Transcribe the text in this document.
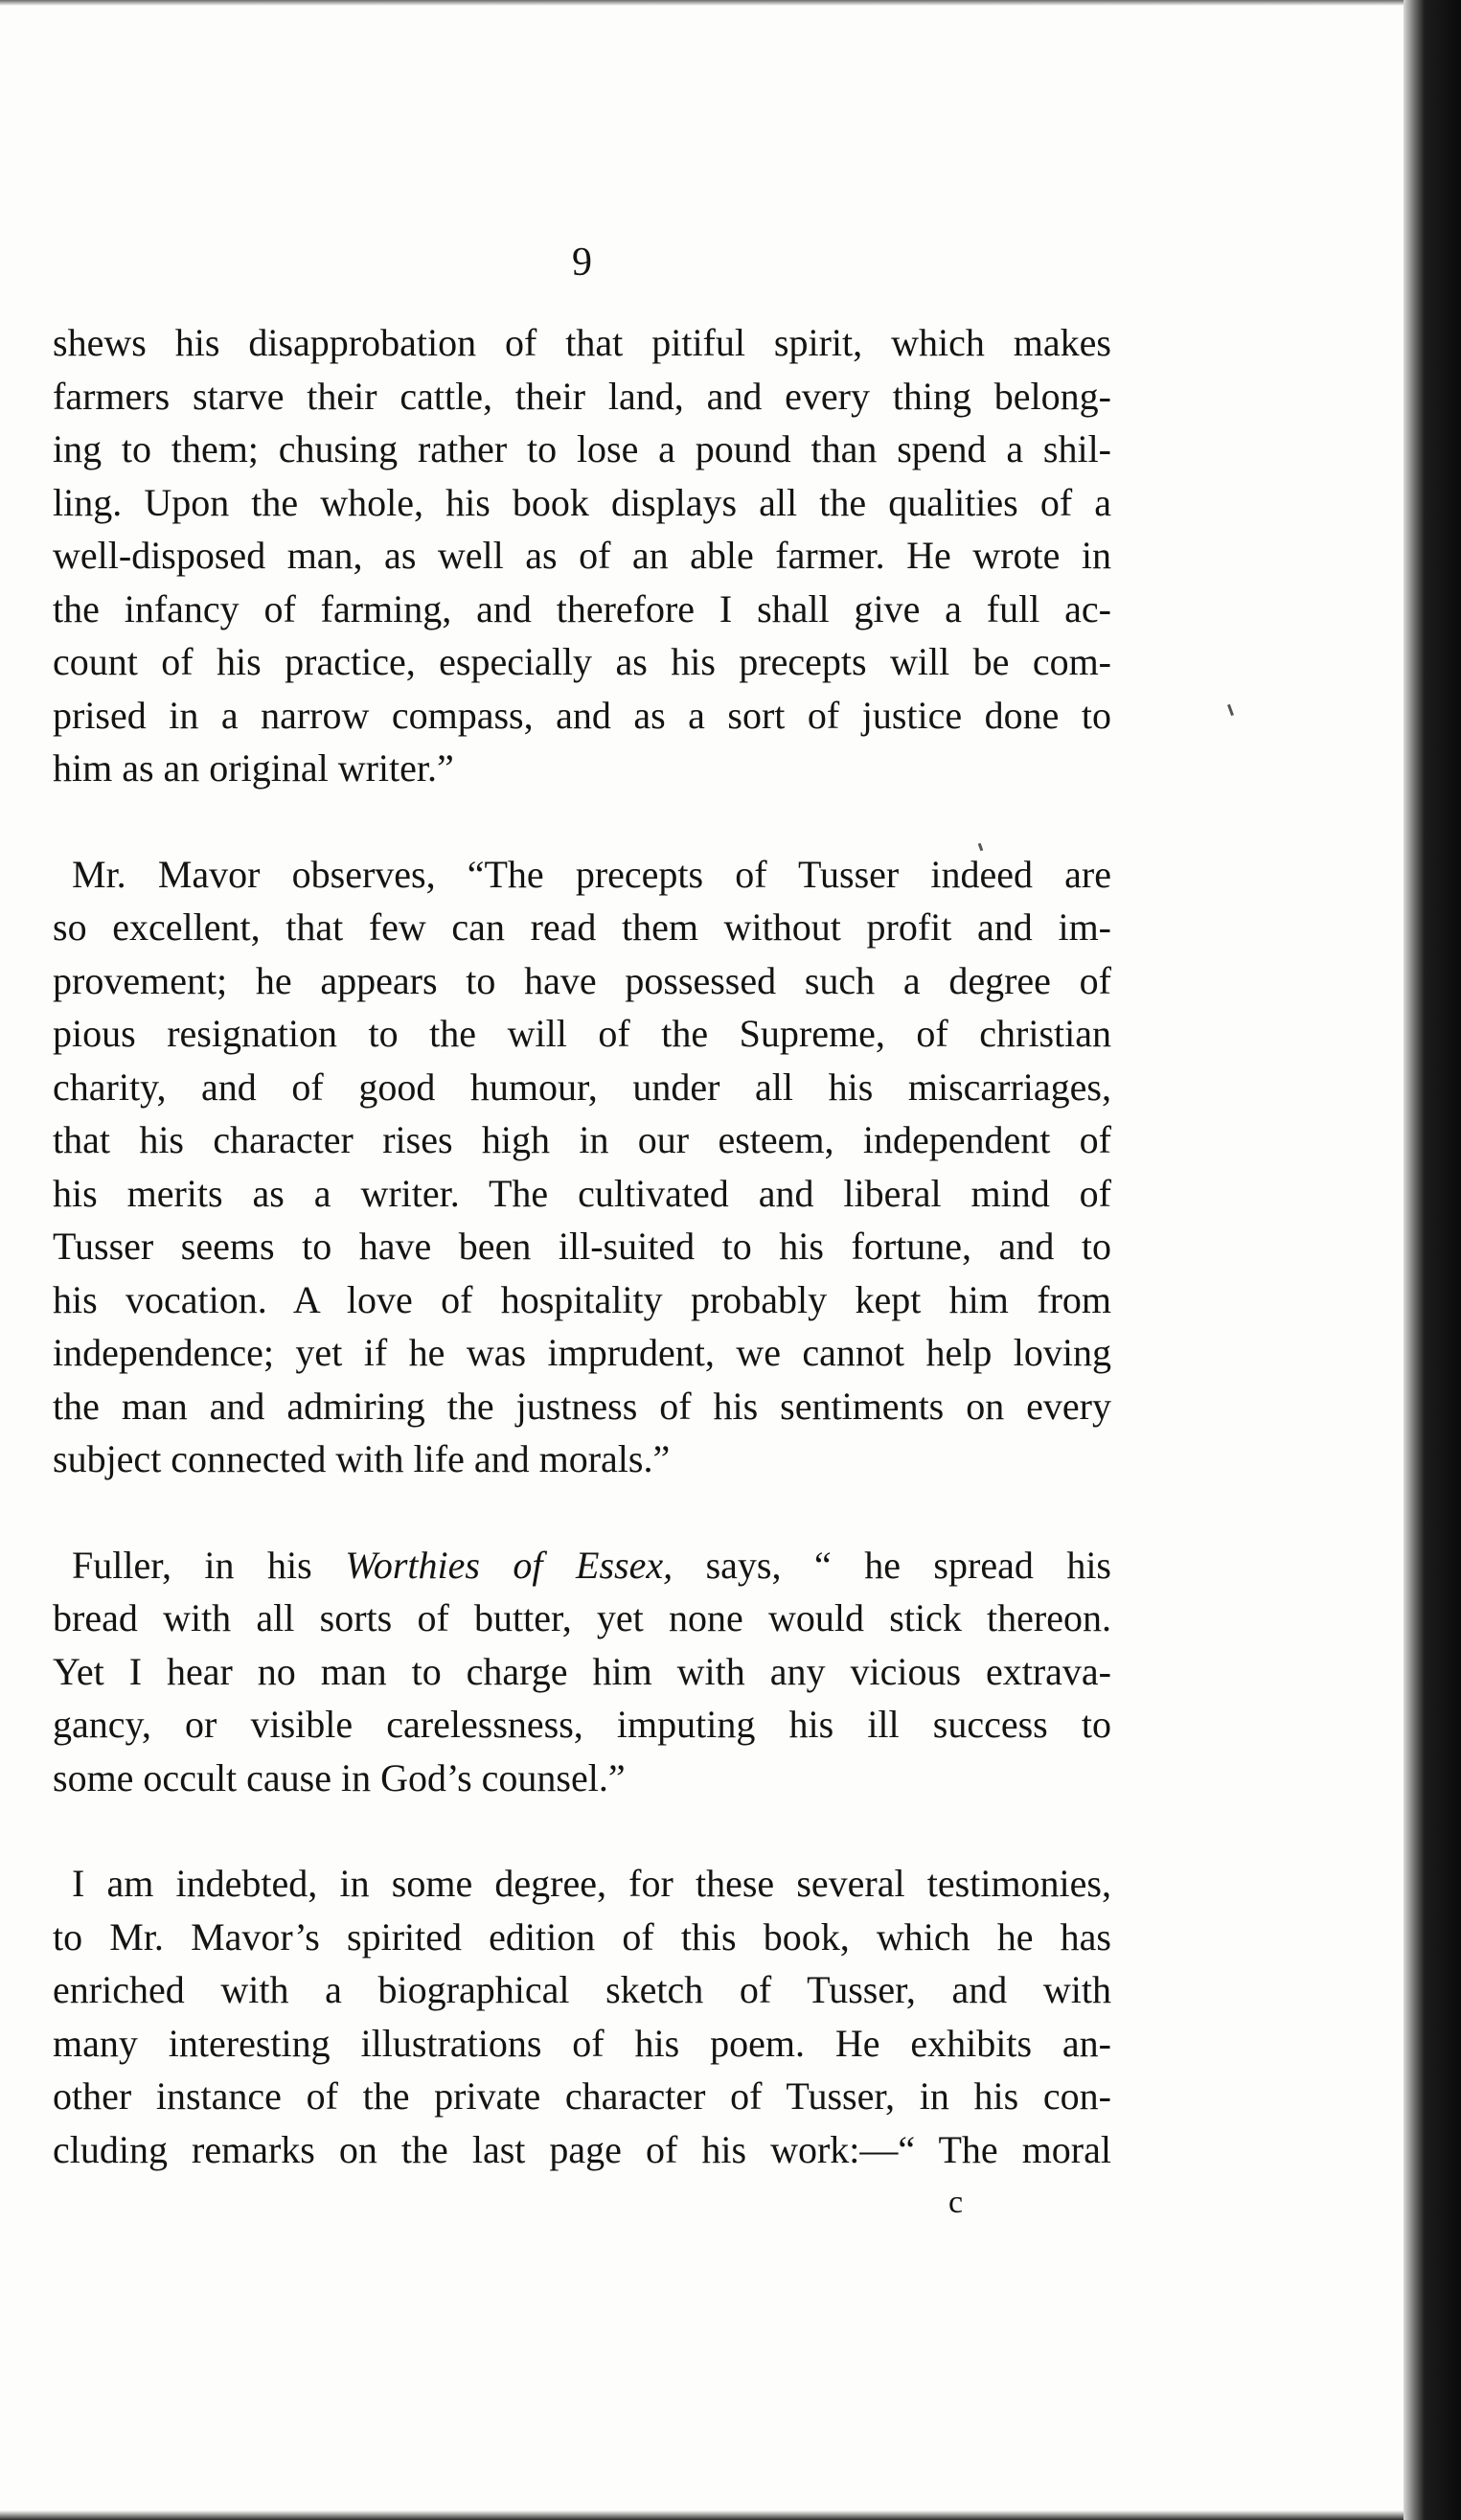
9
shews his disapprobation of that pitiful spirit, which makes
farmers starve their cattle, their land, and every thing belong-
ing to them; chusing rather to lose a pound than spend a shil-
ling. Upon the whole, his book displays all the qualities of a
well-disposed man, as well as of an able farmer. He wrote in
the infancy of farming, and therefore I shall give a full ac-
count of his practice, especially as his precepts will be com-
prised in a narrow compass, and as a sort of justice done to
him as an original writer.”
Mr. Mavor observes, “The precepts of Tusser indeed are
so excellent, that few can read them without profit and im-
provement; he appears to have possessed such a degree of
pious resignation to the will of the Supreme, of christian
charity, and of good humour, under all his miscarriages,
that his character rises high in our esteem, independent of
his merits as a writer. The cultivated and liberal mind of
Tusser seems to have been ill-suited to his fortune, and to
his vocation. A love of hospitality probably kept him from
independence; yet if he was imprudent, we cannot help loving
the man and admiring the justness of his sentiments on every
subject connected with life and morals.”
Fuller, in his Worthies of Essex, says, “ he spread his
bread with all sorts of butter, yet none would stick thereon.
Yet I hear no man to charge him with any vicious extrava-
gancy, or visible carelessness, imputing his ill success to
some occult cause in God’s counsel.”
I am indebted, in some degree, for these several testimonies,
to Mr. Mavor’s spirited edition of this book, which he has
enriched with a biographical sketch of Tusser, and with
many interesting illustrations of his poem. He exhibits an-
other instance of the private character of Tusser, in his con-
cluding remarks on the last page of his work:—“ The moral
c
